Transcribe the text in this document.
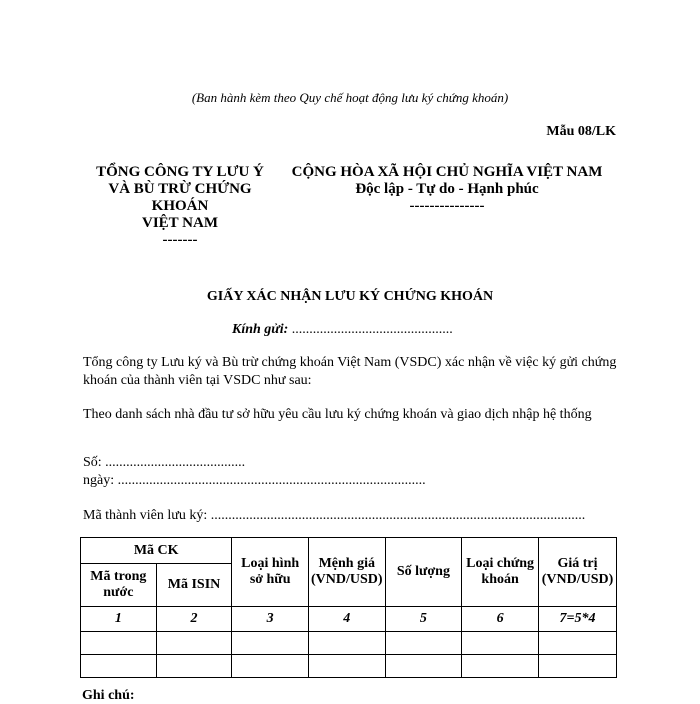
(Ban hành kèm theo Quy chế hoạt động lưu ký chứng khoán)
Mẫu 08/LK
TỔNG CÔNG TY LƯU Ý
VÀ BÙ TRỪ CHỨNG
KHOÁN
VIỆT NAM
-------
CỘNG HÒA XÃ HỘI CHỦ NGHĨA VIỆT NAM
Độc lập - Tự do - Hạnh phúc
---------------
GIẤY XÁC NHẬN LƯU KÝ CHỨNG KHOÁN
Kính gửi: ..............................................
Tổng công ty Lưu ký và Bù trừ chứng khoán Việt Nam (VSDC) xác nhận về việc ký gửi chứng khoán của thành viên tại VSDC như sau:
Theo danh sách nhà đầu tư sở hữu yêu cầu lưu ký chứng khoán và giao dịch nhập hệ thống
Số: ........................................
ngày: ........................................................................................
Mã thành viên lưu ký: ...........................................................................................................
Mã CK		Loại hình sở hữu	Mệnh giá (VND/USD)	Số lượng	Loại chứng khoán	Giá trị (VND/USD)
Mã trong nước	Mã ISIN					
1	2	3	4	5	6	7=5*4

Ghi chú:
